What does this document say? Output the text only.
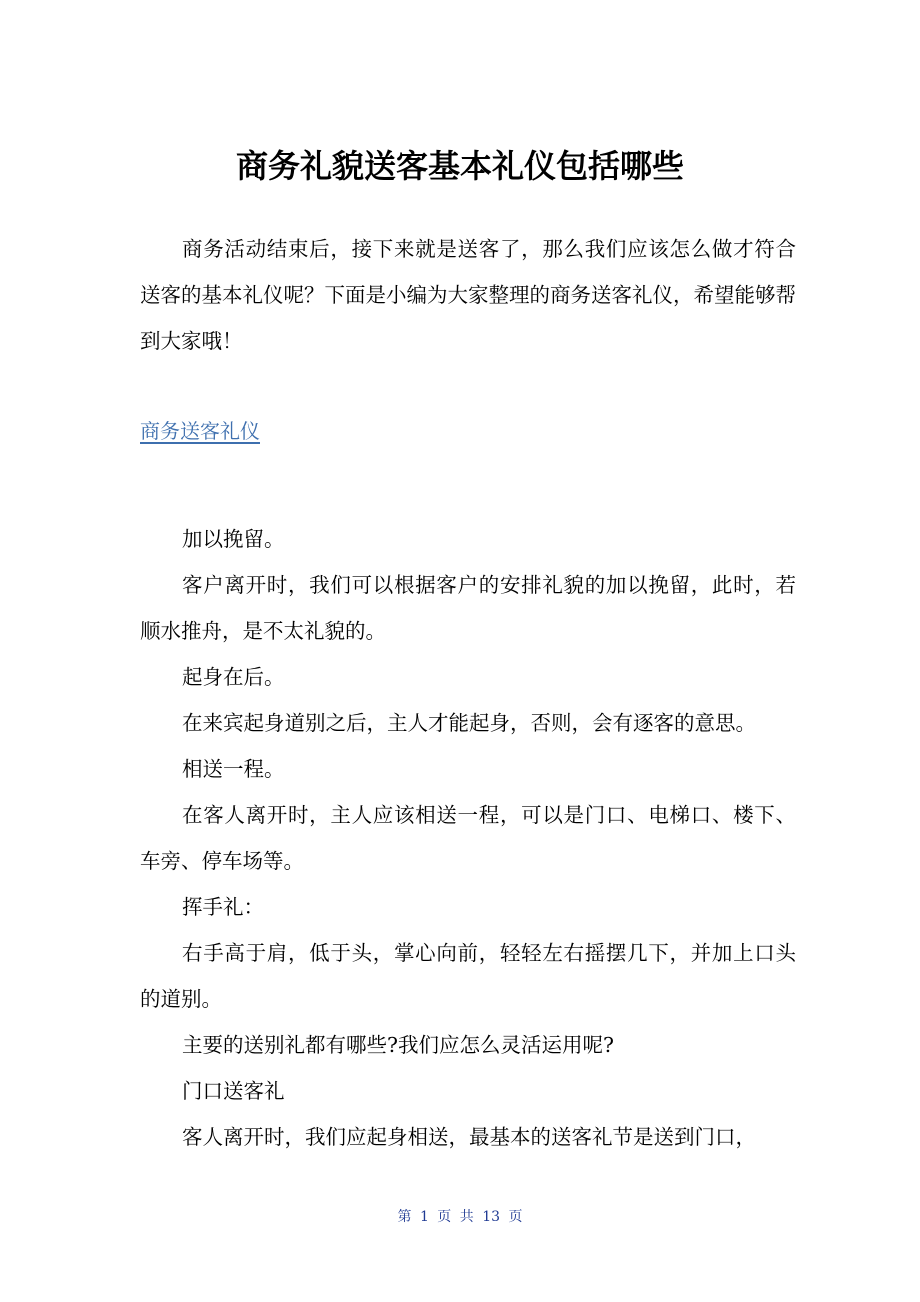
商务礼貌送客基本礼仪包括哪些

商务活动结束后，接下来就是送客了，那么我们应该怎么做才符合送客的基本礼仪呢？下面是小编为大家整理的商务送客礼仪，希望能够帮到大家哦！

商务送客礼仪

加以挽留。

客户离开时，我们可以根据客户的安排礼貌的加以挽留，此时，若顺水推舟，是不太礼貌的。

起身在后。

在来宾起身道别之后，主人才能起身，否则，会有逐客的意思。

相送一程。

在客人离开时，主人应该相送一程，可以是门口、电梯口、楼下、车旁、停车场等。

挥手礼：

右手高于肩，低于头，掌心向前，轻轻左右摇摆几下，并加上口头的道别。

主要的送别礼都有哪些?我们应怎么灵活运用呢?

门口送客礼

客人离开时，我们应起身相送，最基本的送客礼节是送到门口，

第 1 页 共 13 页
